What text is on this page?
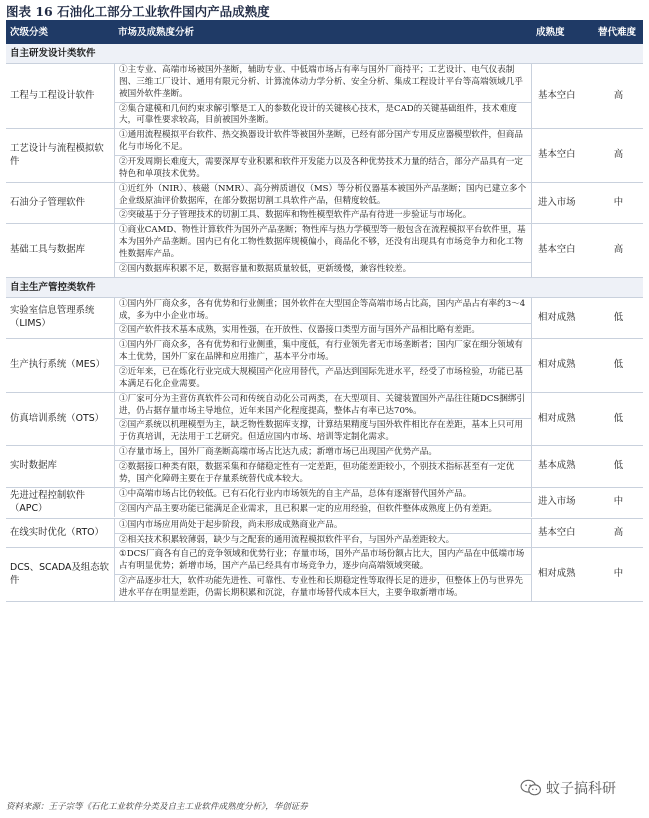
图表 16 石油化工部分工业软件国内产品成熟度
次级分类	市场及成熟度分析	成熟度	替代难度
自主研发设计类软件			
工程与工程设计软件	①主专业、高端市场被国外垄断，辅助专业、中低端市场占有率与国外厂商持平；工艺设计、电气仪表制图、三维工厂设计、通用有限元分析、计算流体动力学分析、安全分析、集成工程设计平台等高端领域几乎被国外软件垄断。
②集合建模和几何约束求解引擎是工人的参数化设计的关键核心技术，是CAD的关键基础组件，技术难度大，可靠性要求较高，目前被国外垄断。	基本空白	高
工艺设计与流程模拟软件	①通用流程模拟平台软件、热交换器设计软件等被国外垄断，已经有部分国产专用反应器模型软件，但商品化与市场化不足。
②开发周期长难度大，需要深厚专业积累和软件开发能力以及各种优势技术力量的结合，部分产品具有一定特色和单项技术优势。	基本空白	高
石油分子管理软件	①近红外（NIR）、核磁（NMR）、高分辨质谱仪（MS）等分析仪器基本被国外产品垄断；国内已建立多个企业级原油评价数据库，在部分数据切割工具软件产品，但精度较低。
②突破基于分子管理技术的切割工具、数据库和物性模型软件产品有待进一步验证与市场化。	进入市场	中
基础工具与数据库	①商业CAMD、物性计算软件为国外产品垄断；物性库与热力学模型等一般包含在流程模拟平台软件里，基本为国外产品垄断。国内已有化工物性数据库规模偏小，商品化不够，还没有出现具有市场竞争力和化工物性数据库产品。
②国内数据库积累不足，数据容量和数据质量较低，更新缓慢，兼容性较差。	基本空白	高
自主生产管控类软件			
实验室信息管理系统（LIMS）	①国内外厂商众多，各有优势和行业侧重；国外软件在大型国企等高端市场占比高，国内产品占有率约3～4成，多为中小企业市场。
②国产软件技术基本成熟，实用性强，在开放性、仪器接口类型方面与国外产品相比略有差距。	相对成熟	低
生产执行系统（MES）	①国内外厂商众多，各有优势和行业侧重，集中度低，有行业领先者无市场垄断者；国内厂家在细分领域有本土优势，国外厂家在品牌和应用推广，基本平分市场。
②近年来，已在炼化行业完成大规模国产化应用替代，产品达到国际先进水平，经受了市场检验，功能已基本满足石化企业需要。	相对成熟	低
仿真培训系统（OTS）	①厂家可分为主营仿真软件公司和传统自动化公司两类，在大型项目、关键装置国外产品往往随DCS捆绑引进，仍占据存量市场主导地位，近年来国产化程度提高，整体占有率已达70%。
②国产系统以机理模型为主，缺乏物性数据库支撑，计算结果精度与国外软件相比存在差距，基本上只可用于仿真培训，无法用于工艺研究。但适应国内市场、培训等定制化需求。	相对成熟	低
实时数据库	①存量市场上，国外厂商垄断高端市场占比达九成；新增市场已出现国产优势产品。
②数据接口种类有限，数据采集和存储稳定性有一定差距，但功能差距较小，个别技术指标甚至有一定优势，国产化障碍主要在于存量系统替代成本较大。	基本成熟	低
先进过程控制软件（APC）	①中高端市场占比仍较低。已有石化行业内市场领先的自主产品，总体有逐渐替代国外产品。
②国内产品主要功能已能满足企业需求，且已积累一定的应用经验，但软件整体成熟度上仍有差距。	进入市场	中
在线实时优化（RTO）	①国内市场应用尚处于起步阶段，尚未形成成熟商业产品。
②相关技术积累较薄弱，缺少与之配套的通用流程模拟软件平台，与国外产品差距较大。	基本空白	高
DCS、SCADA及组态软件	①DCS厂商各有自己的竞争领域和优势行业；存量市场，国外产品市场份额占比大，国内产品在中低端市场占有明显优势；新增市场，国产产品已经具有市场竞争力，逐步向高端领域突破。
②产品逐步壮大，软件功能先进性、可靠性、专业性和长期稳定性等取得长足的进步，但整体上仍与世界先进水平存在明显差距，仍需长期积累和沉淀，存量市场替代成本巨大，主要争取新增市场。	相对成熟	中
资料来源：王子宗等《石化工业软件分类及自主工业软件成熟度分析》，华创证券
蚊子搞科研
